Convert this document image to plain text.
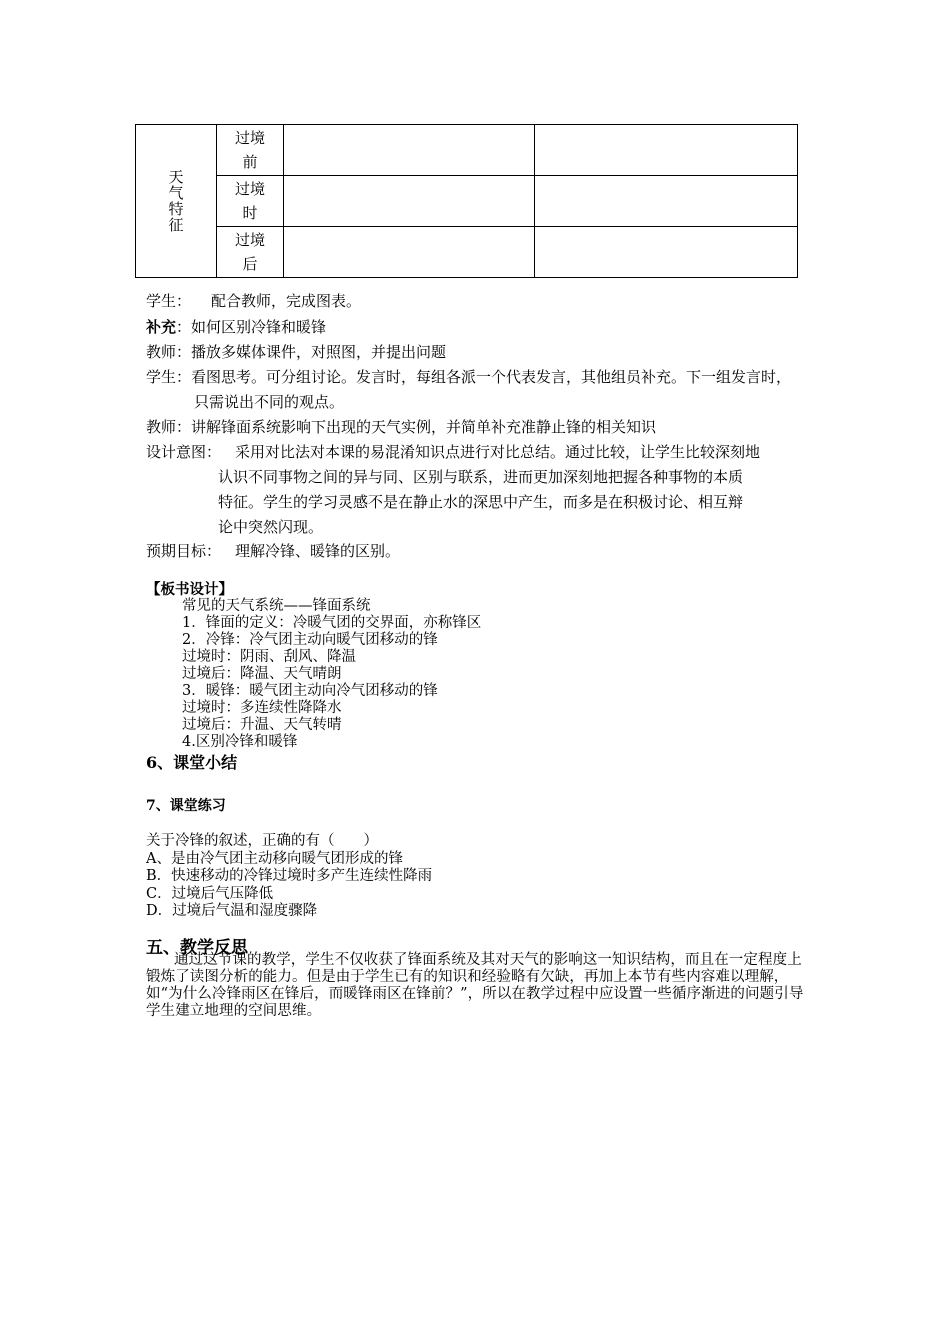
天气特征	过境前		
	过境时		
	过境后		
学生： 配合教师，完成图表。
补充：如何区别冷锋和暖锋
教师：播放多媒体课件，对照图，并提出问题
学生：看图思考。可分组讨论。发言时，每组各派一个代表发言，其他组员补充。下一组发言时，
只需说出不同的观点。
教师：讲解锋面系统影响下出现的天气实例，并简单补充准静止锋的相关知识
设计意图： 采用对比法对本课的易混淆知识点进行对比总结。通过比较，让学生比较深刻地
认识不同事物之间的异与同、区别与联系，进而更加深刻地把握各种事物的本质
特征。学生的学习灵感不是在静止水的深思中产生，而多是在积极讨论、相互辩
论中突然闪现。
预期目标： 理解冷锋、暖锋的区别。
【板书设计】
常见的天气系统——锋面系统
1．锋面的定义：冷暖气团的交界面，亦称锋区
2．冷锋：冷气团主动向暖气团移动的锋
过境时：阴雨、刮风、降温
过境后：降温、天气晴朗
3．暖锋：暖气团主动向冷气团移动的锋
过境时：多连续性降降水
过境后：升温、天气转晴
4.区别冷锋和暖锋
6、课堂小结
7、课堂练习
关于冷锋的叙述，正确的有（　　）
A、是由冷气团主动移向暖气团形成的锋
B．快速移动的冷锋过境时多产生连续性降雨
C．过境后气压降低
D．过境后气温和湿度骤降
五、教学反思
通过这节课的教学，学生不仅收获了锋面系统及其对天气的影响这一知识结构，而且在一定程度上锻炼了读图分析的能力。但是由于学生已有的知识和经验略有欠缺，再加上本节有些内容难以理解，如“为什么冷锋雨区在锋后，而暖锋雨区在锋前？”，所以在教学过程中应设置一些循序渐进的问题引导学生建立地理的空间思维。
